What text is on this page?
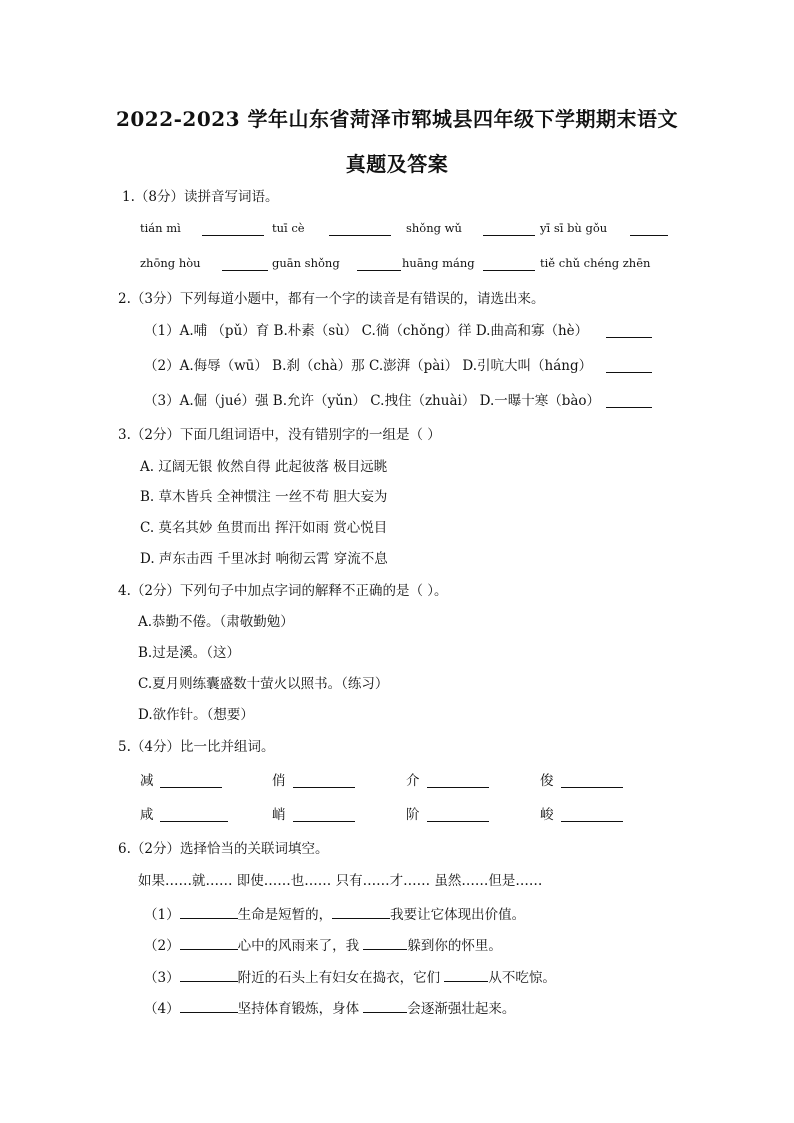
2022-2023 学年山东省菏泽市郓城县四年级下学期期末语文
真题及答案
1.（8分）读拼音写词语。
tián mì	tuī cè	shǒng wǔ	yī sī bù gǒu
zhōng hòu	guān shǒng	huāng máng	tiě chǔ chéng zhēn
2.（3分）下列每道小题中，都有一个字的读音是有错误的，请选出来。
（1）A.哺 （pǔ）育 B.朴素（sù） C.徜（chǒng）徉 D.曲高和寡（hè）
（2）A.侮辱（wū） B.刹（chà）那 C.澎湃（pài） D.引吭大叫（háng）
（3）A.倔（jué）强 B.允许（yǔn） C.拽住（zhuài） D.一曝十寒（bào）
3.（2分）下面几组词语中，没有错别字的一组是（ ）
A. 辽阔无银 攸然自得 此起彼落 极目远眺
B. 草木皆兵 全神惯注 一丝不苟 胆大妄为
C. 莫名其妙 鱼贯而出 挥汗如雨 赏心悦目
D. 声东击西 千里冰封 响彻云霄 穿流不息
4.（2分）下列句子中加点字词的解释不正确的是（ ）。
A.恭勤不倦。（肃敬勤勉）
B.过是溪。（这）
C.夏月则练囊盛数十萤火以照书。（练习）
D.欲作针。（想要）
5.（4分）比一比并组词。
减	俏	介	俊
咸	峭	阶	峻
6.（2分）选择恰当的关联词填空。
如果……就…… 即使……也…… 只有……才…… 虽然……但是……
（1）	生命是短暂的，	我要让它体现出价值。
（2）	心中的风雨来了，我	躲到你的怀里。
（3）	附近的石头上有妇女在捣衣，它们	从不吃惊。
（4）	坚持体育锻炼，身体	会逐渐强壮起来。
